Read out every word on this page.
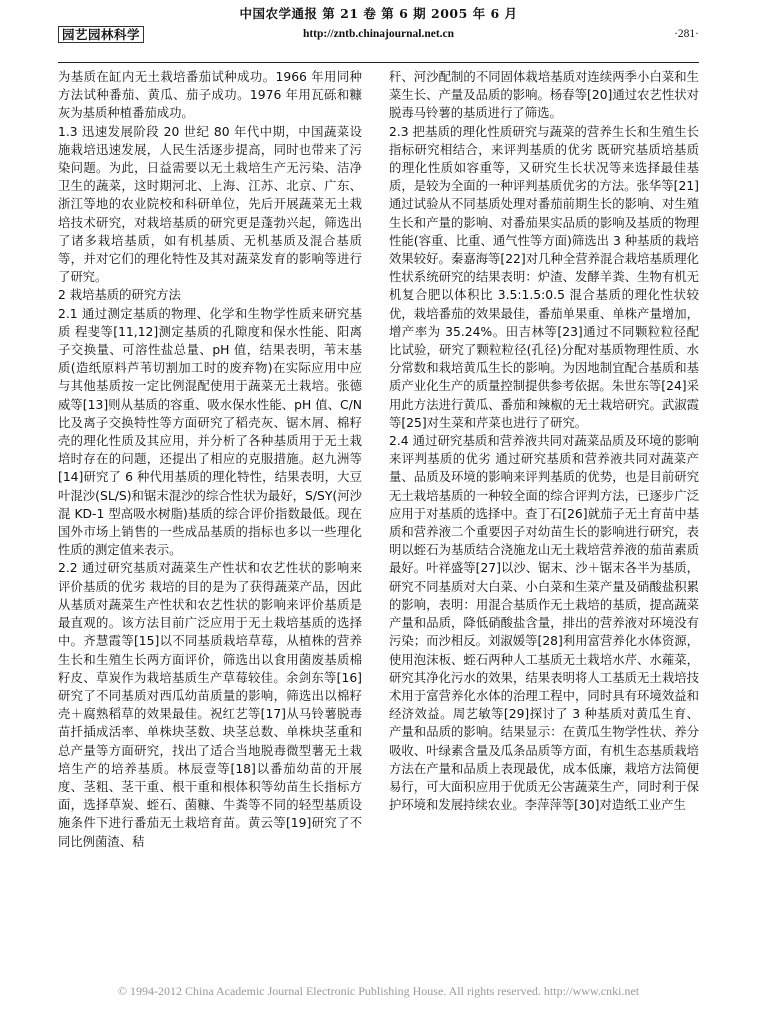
中国农学通报 第 21 卷 第 6 期 2005 年 6 月
园艺园林科学	http://zntb.chinajournal.net.cn	·281·

为基质在缸内无土栽培番茄试种成功。1966 年用同种方法试种番茄、黄瓜、茄子成功。1976 年用瓦砾和糠灰为基质种植番茄成功。

1.3 迅速发展阶段 20 世纪 80 年代中期，中国蔬菜设施栽培迅速发展，人民生活逐步提高，同时也带来了污染问题。为此，日益需要以无土栽培生产无污染、洁净卫生的蔬菜，这时期河北、上海、江苏、北京、广东、浙江等地的农业院校和科研单位，先后开展蔬菜无土栽培技术研究，对栽培基质的研究更是蓬勃兴起，筛选出了诸多栽培基质，如有机基质、无机基质及混合基质等，并对它们的理化特性及其对蔬菜发育的影响等进行了研究。

2 栽培基质的研究方法

2.1 通过测定基质的物理、化学和生物学性质来研究基质 程斐等[11,12]测定基质的孔隙度和保水性能、阳离子交换量、可溶性盐总量、pH 值，结果表明，苇末基质(造纸原料芦苇切割加工时的废弃物)在实际应用中应与其他基质按一定比例混配使用于蔬菜无土栽培。张德威等[13]则从基质的容重、吸水保水性能、pH 值、C/N 比及离子交换特性等方面研究了稻壳灰、锯木屑、棉籽壳的理化性质及其应用，并分析了各种基质用于无土栽培时存在的问题，还提出了相应的克服措施。赵九洲等[14]研究了 6 种代用基质的理化特性，结果表明，大豆叶混沙(SL/S)和锯末混沙的综合性状为最好，S/SY(河沙混 KD-1 型高吸水树脂)基质的综合评价指数最低。现在国外市场上销售的一些成品基质的指标也多以一些理化性质的测定值来表示。

2.2 通过研究基质对蔬菜生产性状和农艺性状的影响来评价基质的优劣 栽培的目的是为了获得蔬菜产品，因此从基质对蔬菜生产性状和农艺性状的影响来评价基质是最直观的。该方法目前广泛应用于无土栽培基质的选择中。齐慧霞等[15]以不同基质栽培草莓，从植株的营养生长和生殖生长两方面评价，筛选出以食用菌废基质棉籽皮、草炭作为栽培基质生产草莓较佳。余剑东等[16]研究了不同基质对西瓜幼苗质量的影响，筛选出以棉籽壳＋腐熟稻草的效果最佳。祝红艺等[17]从马铃薯脱毒苗扦插成活率、单株块茎数、块茎总数、单株块茎重和总产量等方面研究，找出了适合当地脱毒微型薯无土栽培生产的培养基质。林辰壹等[18]以番茄幼苗的开展度、茎粗、茎干重、根干重和根体积等幼苗生长指标方面，选择草炭、蛭石、菌糠、牛粪等不同的轻型基质设施条件下进行番茄无土栽培育苗。黄云等[19]研究了不同比例菌渣、秸

秆、河沙配制的不同固体栽培基质对连续两季小白菜和生菜生长、产量及品质的影响。杨春等[20]通过农艺性状对脱毒马铃薯的基质进行了筛选。

2.3 把基质的理化性质研究与蔬菜的营养生长和生殖生长指标研究相结合，来评判基质的优劣 既研究基质培基质的理化性质如容重等，又研究生长状况等来选择最佳基质，是较为全面的一种评判基质优劣的方法。张华等[21]通过试验从不同基质处理对番茄前期生长的影响、对生殖生长和产量的影响、对番茄果实品质的影响及基质的物理性能(容重、比重、通气性等方面)筛选出 3 种基质的栽培效果较好。秦嘉海等[22]对几种全营养混合栽培基质理化性状系统研究的结果表明：炉渣、发酵羊粪、生物有机无机复合肥以体积比 3.5:1.5:0.5 混合基质的理化性状较优，栽培番茄的效果最佳，番茄单果重、单株产量增加，增产率为 35.24%。田吉林等[23]通过不同颗粒粒径配比试验，研究了颗粒粒径(孔径)分配对基质物理性质、水分常数和栽培黄瓜生长的影响。为因地制宜配合基质和基质产业化生产的质量控制提供参考依据。朱世东等[24]采用此方法进行黄瓜、番茄和辣椒的无土栽培研究。武淑霞等[25]对生菜和芹菜也进行了研究。

2.4 通过研究基质和营养液共同对蔬菜品质及环境的影响来评判基质的优劣 通过研究基质和营养液共同对蔬菜产量、品质及环境的影响来评判基质的优势，也是目前研究无土栽培基质的一种较全面的综合评判方法，已逐步广泛应用于对基质的选择中。查丁石[26]就茄子无土育苗中基质和营养液二个重要因子对幼苗生长的影响进行研究，表明以蛭石为基质结合浇施龙山无土栽培营养液的茄苗素质最好。叶祥盛等[27]以沙、锯末、沙＋锯末各半为基质，研究不同基质对大白菜、小白菜和生菜产量及硝酸盐积累的影响，表明：用混合基质作无土栽培的基质，提高蔬菜产量和品质，降低硝酸盐含量，排出的营养液对环境没有污染；而沙相反。刘淑媛等[28]利用富营养化水体资源，使用泡沫板、蛭石两种人工基质无土栽培水芹、水蕹菜，研究其净化污水的效果，结果表明将人工基质无土栽培技术用于富营养化水体的治理工程中，同时具有环境效益和经济效益。周艺敏等[29]探讨了 3 种基质对黄瓜生育、产量和品质的影响。结果显示：在黄瓜生物学性状、养分吸收、叶绿素含量及瓜条品质等方面，有机生态基质栽培方法在产量和品质上表现最优，成本低廉，栽培方法简便易行，可大面积应用于优质无公害蔬菜生产，同时利于保护环境和发展持续农业。李萍萍等[30]对造纸工业产生

© 1994-2012 China Academic Journal Electronic Publishing House. All rights reserved. http://www.cnki.net
